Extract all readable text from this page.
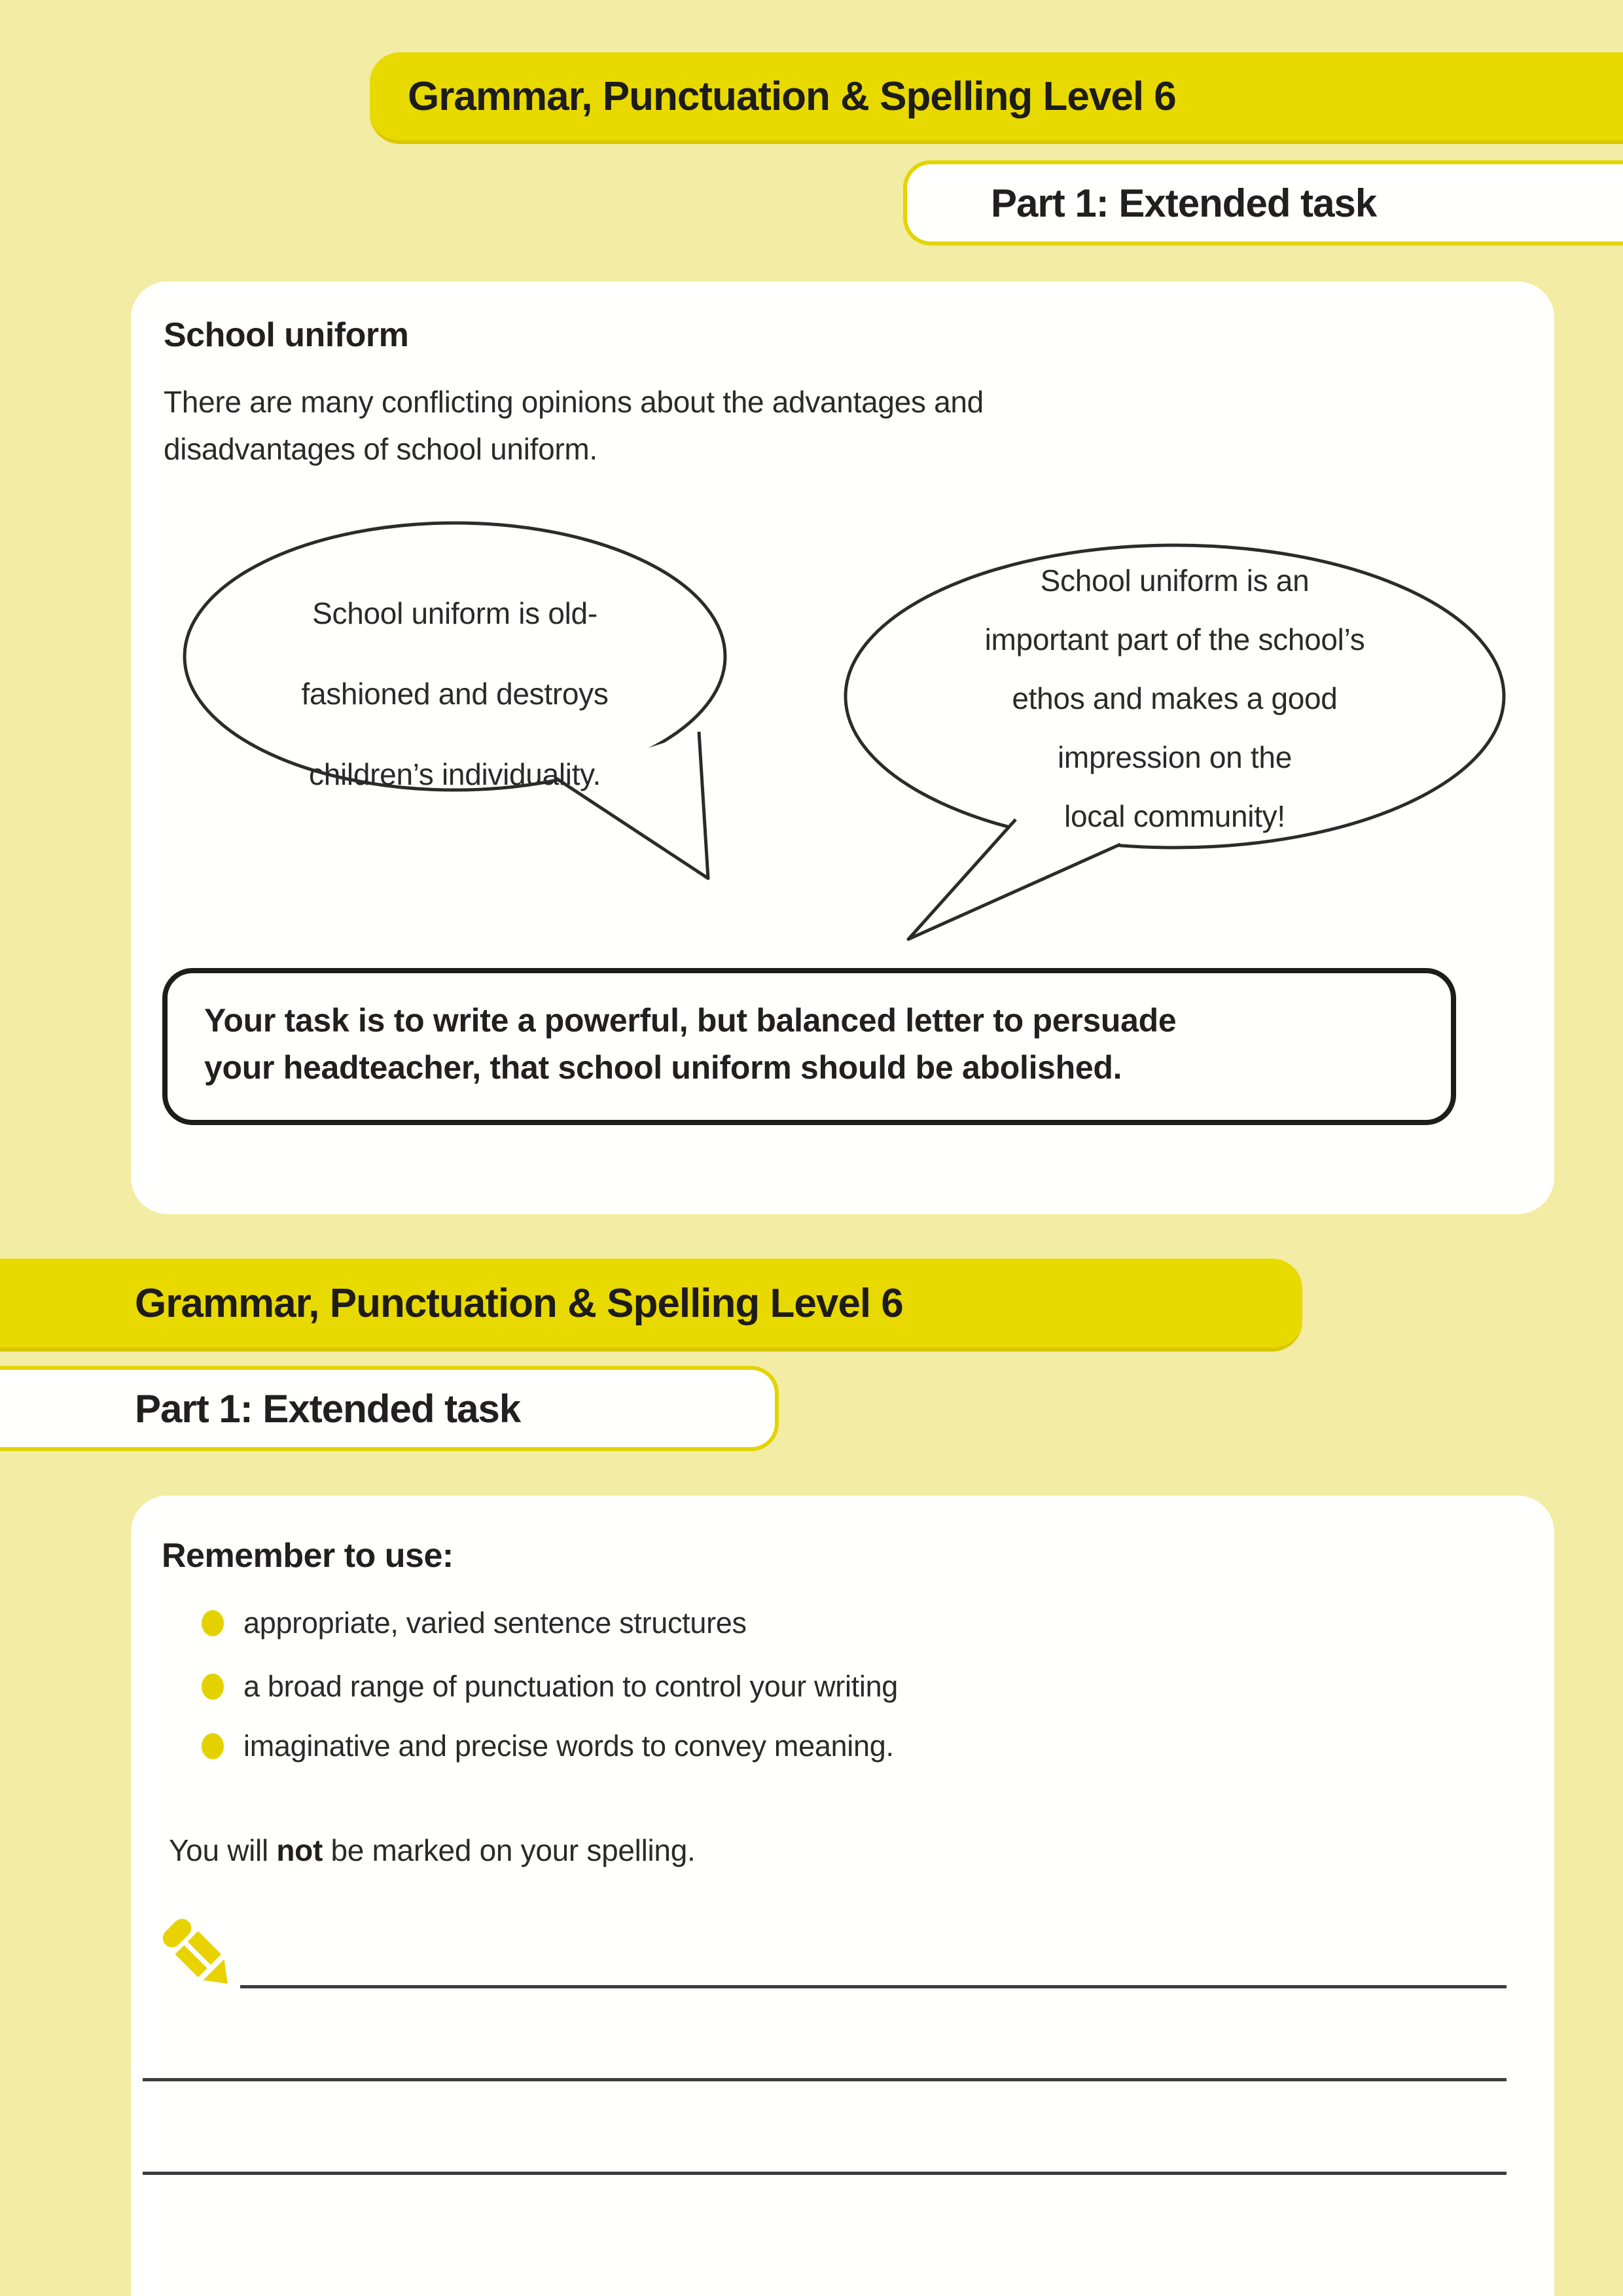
Grammar, Punctuation & Spelling Level 6
Part 1: Extended task
School uniform
There are many conflicting opinions about the advantages and
disadvantages of school uniform.
School uniform is old-
fashioned and destroys
children’s individuality.
School uniform is an
important part of the school’s
ethos and makes a good
impression on the
local community!
Your task is to write a powerful, but balanced letter to persuade
your headteacher, that school uniform should be abolished.
Grammar, Punctuation & Spelling Level 6
Part 1: Extended task
Remember to use:
appropriate, varied sentence structures
a broad range of punctuation to control your writing
imaginative and precise words to convey meaning.
You will not be marked on your spelling.
